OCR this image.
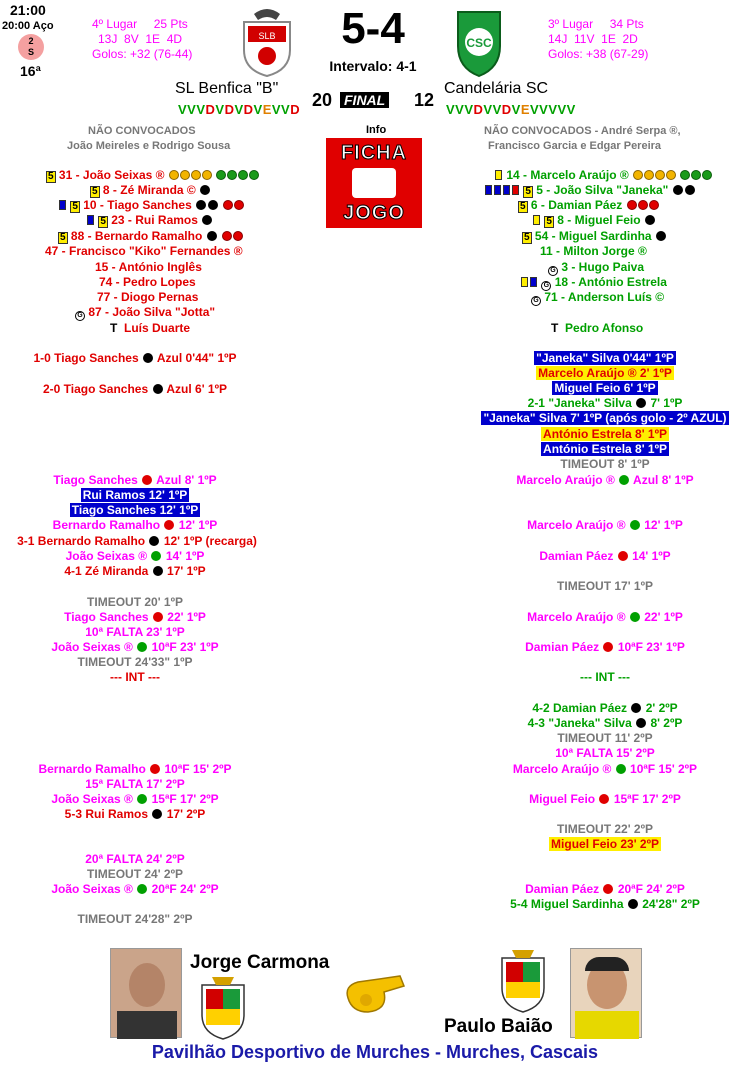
21:00
20:00 Aço
2
S
16ª
4º Lugar     25 Pts
13J  8V  1E  4D
Golos: +32 (76-44)
SLB	5-4
Intervalo: 4-1
CSC
3º Lugar     34 Pts
14J  11V  1E  2D
Golos: +38 (67-29)
SL Benfica "B"
20 FINAL 12
Candelária SC
VVVDVDVDVEVVD	VVVDVVDVEVVVVV
NÃO CONVOCADOS
João Meireles e Rodrigo Sousa
NÃO CONVOCADOS - André Serpa ®,
Francisco Garcia e Edgar Pereira
Info
FICHA
JOGO
5 31 - João Seixas ®
5 8 - Zé Miranda ©
5 10 - Tiago Sanches
5 23 - Rui Ramos
5 88 - Bernardo Ramalho
47 - Francisco "Kiko" Fernandes ®
15 - António Inglês
74 - Pedro Lopes
77 - Diogo Pernas
G 87 - João Silva "Jotta"
T Luís Duarte
14 - Marcelo Araújo ®
5 5 - João Silva "Janeka"
5 6 - Damian Páez
5 8 - Miguel Feio
5 54 - Miguel Sardinha
11 - Milton Jorge ®
G 3 - Hugo Paiva
G 18 - António Estrela
G 71 - Anderson Luís ©
T Pedro Afonso
1-0 Tiago Sanches Azul 0'44" 1ºP
2-0 Tiago Sanches Azul 6' 1ºP
Tiago Sanches Azul 8' 1ºP
Rui Ramos 12' 1ºP
Tiago Sanches 12' 1ºP
Bernardo Ramalho 12' 1ºP
3-1 Bernardo Ramalho 12' 1ºP (recarga)
João Seixas ® 14' 1ºP
4-1 Zé Miranda 17' 1ºP
TIMEOUT 20' 1ºP
Tiago Sanches 22' 1ºP
10ª FALTA 23' 1ºP
João Seixas ® 10ªF 23' 1ºP
TIMEOUT 24'33" 1ºP
--- INT ---
Bernardo Ramalho 10ªF 15' 2ºP
15ª FALTA 17' 2ºP
João Seixas ® 15ªF 17' 2ºP
5-3 Rui Ramos 17' 2ºP
20ª FALTA 24' 2ºP
TIMEOUT 24' 2ºP
João Seixas ® 20ªF 24' 2ºP
TIMEOUT 24'28" 2ºP
"Janeka" Silva 0'44" 1ºP
Marcelo Araújo ® 2' 1ºP
Miguel Feio 6' 1ºP
2-1 "Janeka" Silva 7' 1ºP
"Janeka" Silva 7' 1ºP (após golo - 2º AZUL)
António Estrela 8' 1ºP
António Estrela 8' 1ºP
TIMEOUT 8' 1ºP
Marcelo Araújo ® Azul 8' 1ºP
Marcelo Araújo ® 12' 1ºP
Damian Páez 14' 1ºP
TIMEOUT 17' 1ºP
Marcelo Araújo ® 22' 1ºP
Damian Páez 10ªF 23' 1ºP
--- INT ---
4-2 Damian Páez 2' 2ºP
4-3 "Janeka" Silva 8' 2ºP
TIMEOUT 11' 2ºP
10ª FALTA 15' 2ºP
Marcelo Araújo ® 10ªF 15' 2ºP
Miguel Feio 15ªF 17' 2ºP
TIMEOUT 22' 2ºP
Miguel Feio 23' 2ºP
Damian Páez 20ªF 24' 2ºP
5-4 Miguel Sardinha 24'28" 2ºP
Jorge Carmona
Paulo Baião
Pavilhão Desportivo de Murches - Murches, Cascais
